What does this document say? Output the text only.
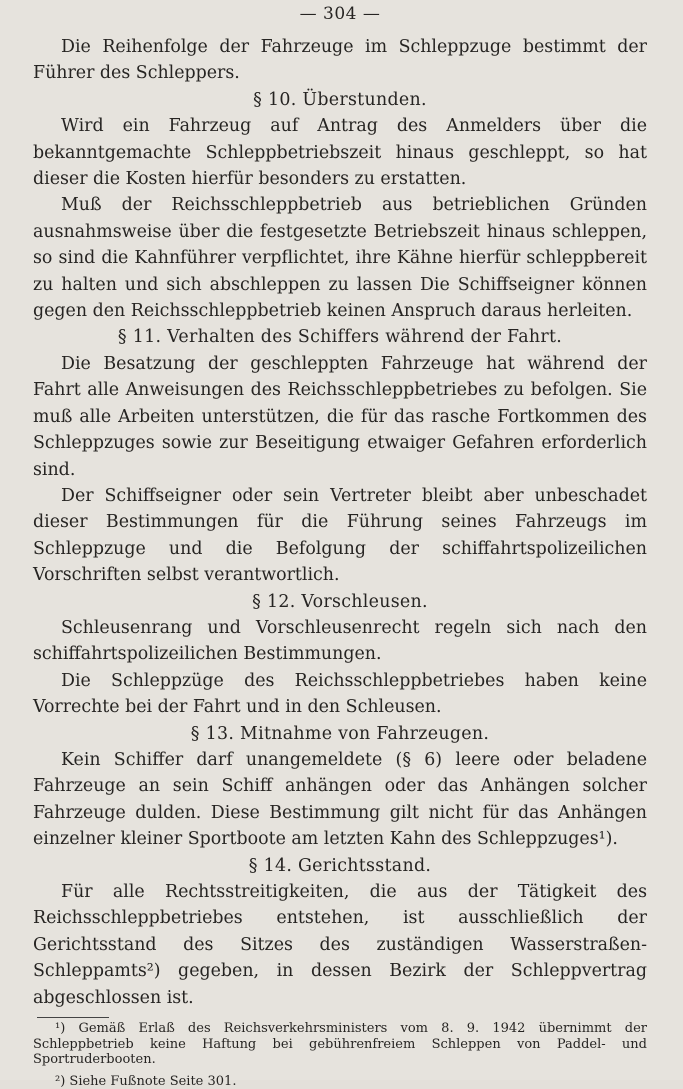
— 304 —

Die Reihenfolge der Fahrzeuge im Schleppzuge bestimmt der Führer des Schleppers.

§ 10. Überstunden.

Wird ein Fahrzeug auf Antrag des Anmelders über die bekanntgemachte Schleppbetriebszeit hinaus geschleppt, so hat dieser die Kosten hierfür besonders zu erstatten.

Muß der Reichsschleppbetrieb aus betrieblichen Gründen ausnahmsweise über die festgesetzte Betriebszeit hinaus schleppen, so sind die Kahnführer verpflichtet, ihre Kähne hierfür schleppbereit zu halten und sich abschleppen zu lassen Die Schiffseigner können gegen den Reichsschleppbetrieb keinen Anspruch daraus herleiten.

§ 11. Verhalten des Schiffers während der Fahrt.

Die Besatzung der geschleppten Fahrzeuge hat während der Fahrt alle Anweisungen des Reichsschleppbetriebes zu befolgen. Sie muß alle Arbeiten unterstützen, die für das rasche Fortkommen des Schleppzuges sowie zur Beseitigung etwaiger Gefahren erforderlich sind.

Der Schiffseigner oder sein Vertreter bleibt aber unbeschadet dieser Bestimmungen für die Führung seines Fahrzeugs im Schleppzuge und die Befolgung der schiffahrtspolizeilichen Vorschriften selbst verantwortlich.

§ 12. Vorschleusen.

Schleusenrang und Vorschleusenrecht regeln sich nach den schiffahrtspolizeilichen Bestimmungen.

Die Schleppzüge des Reichsschleppbetriebes haben keine Vorrechte bei der Fahrt und in den Schleusen.

§ 13. Mitnahme von Fahrzeugen.

Kein Schiffer darf unangemeldete (§ 6) leere oder beladene Fahrzeuge an sein Schiff anhängen oder das Anhängen solcher Fahrzeuge dulden. Diese Bestimmung gilt nicht für das Anhängen einzelner kleiner Sportboote am letzten Kahn des Schleppzuges¹).

§ 14. Gerichtsstand.

Für alle Rechtsstreitigkeiten, die aus der Tätigkeit des Reichsschleppbetriebes entstehen, ist ausschließlich der Gerichtsstand des Sitzes des zuständigen Wasserstraßen-Schleppamts²) gegeben, in dessen Bezirk der Schleppvertrag abgeschlossen ist.

¹) Gemäß Erlaß des Reichsverkehrsministers vom 8. 9. 1942 übernimmt der Schleppbetrieb keine Haftung bei gebührenfreiem Schleppen von Paddel- und Sportruderbooten.

²) Siehe Fußnote Seite 301.
